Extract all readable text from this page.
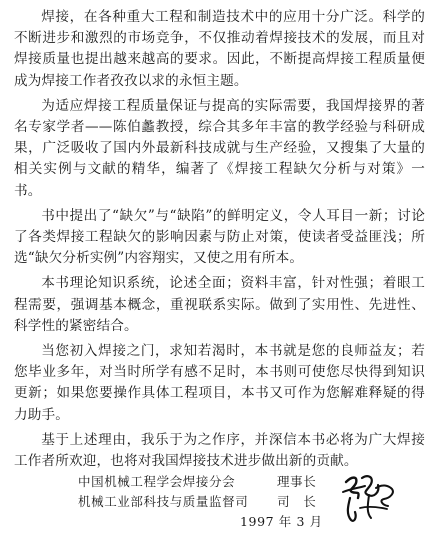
焊接，在各种重大工程和制造技术中的应用十分广泛。科学的不断进步和激烈的市场竞争，不仅推动着焊接技术的发展，而且对焊接质量也提出越来越高的要求。因此，不断提高焊接工程质量便成为焊接工作者孜孜以求的永恒主题。

为适应焊接工程质量保证与提高的实际需要，我国焊接界的著名专家学者——陈伯蠡教授，综合其多年丰富的教学经验与科研成果，广泛吸收了国内外最新科技成就与生产经验，又搜集了大量的相关实例与文献的精华，编著了《焊接工程缺欠分析与对策》一书。

书中提出了“缺欠”与“缺陷”的鲜明定义，令人耳目一新；讨论了各类焊接工程缺欠的影响因素与防止对策，使读者受益匪浅；所选“缺欠分析实例”内容翔实，又使之用有所本。

本书理论知识系统，论述全面；资料丰富，针对性强；着眼工程需要，强调基本概念，重视联系实际。做到了实用性、先进性、科学性的紧密结合。

当您初入焊接之门，求知若渴时，本书就是您的良师益友；若您毕业多年，对当时所学有感不足时，本书则可使您尽快得到知识更新；如果您要操作具体工程项目，本书又可作为您解难释疑的得力助手。

基于上述理由，我乐于为之作序，并深信本书必将为广大焊接工作者所欢迎，也将对我国焊接技术进步做出新的贡献。

中国机械工程学会焊接分会	理事长
机械工业部科技与质量监督司	司　长
1997 年 3 月
